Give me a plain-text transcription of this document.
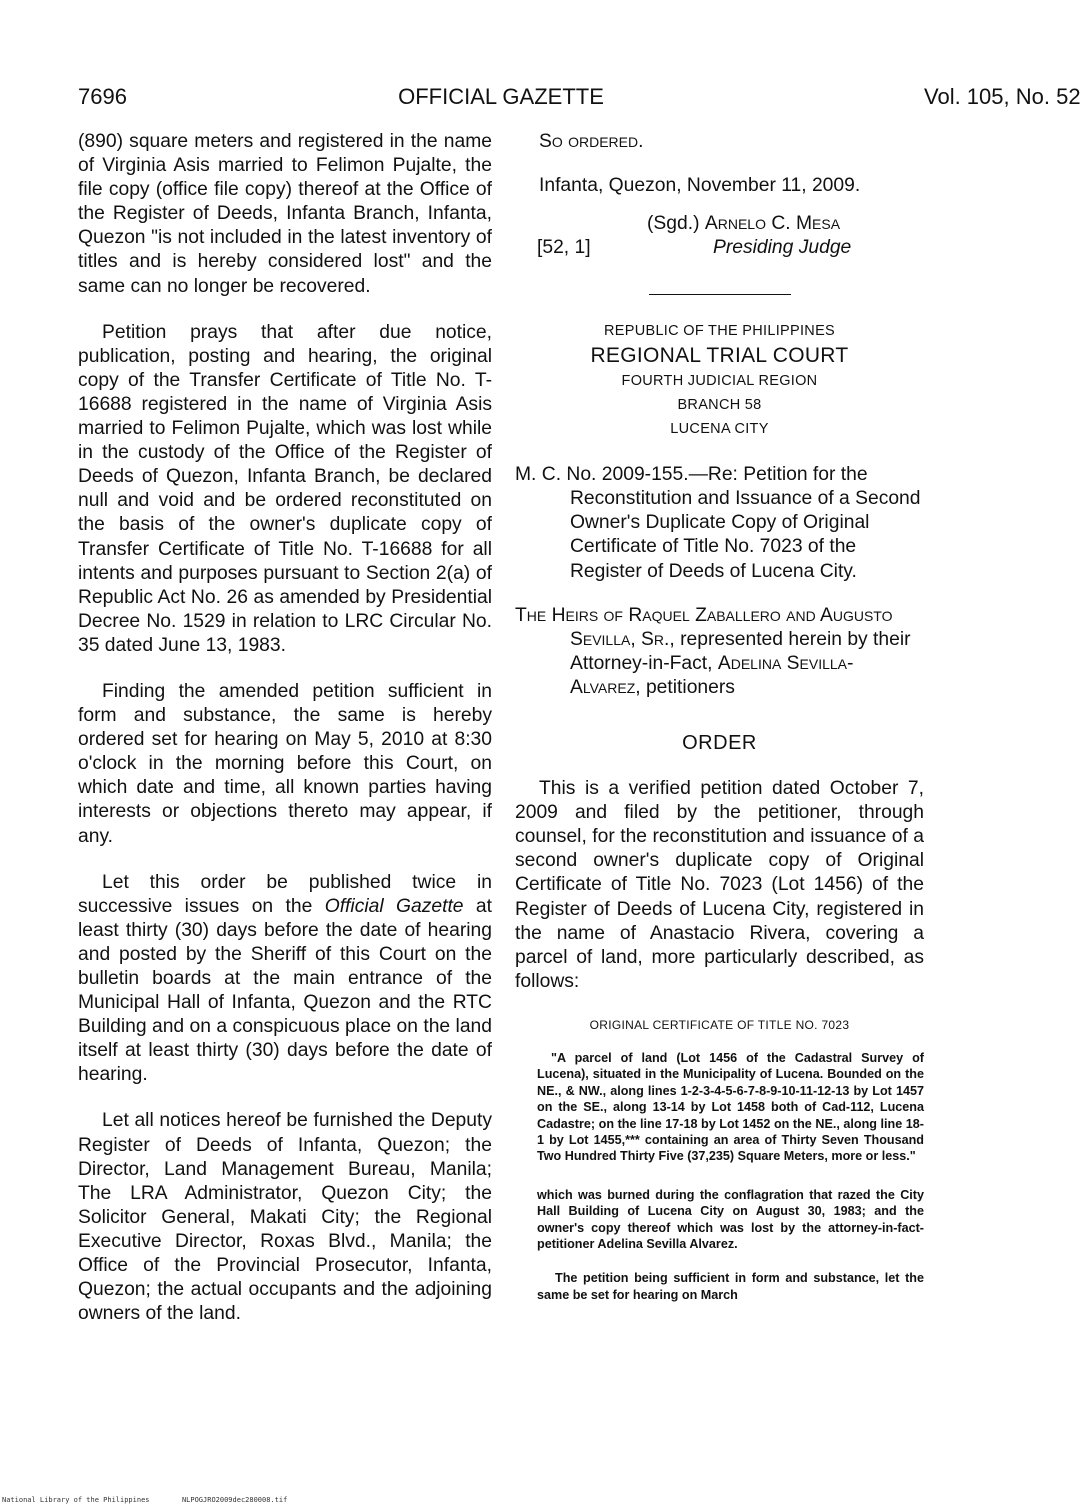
7696	OFFICIAL GAZETTE	Vol. 105, No. 52

(890) square meters and registered in the name of Virginia Asis married to Felimon Pujalte, the file copy (office file copy) thereof at the Office of the Register of Deeds, Infanta Branch, Infanta, Quezon "is not included in the latest inventory of titles and is hereby considered lost" and the same can no longer be recovered.

Petition prays that after due notice, publication, posting and hearing, the original copy of the Transfer Certificate of Title No. T-16688 registered in the name of Virginia Asis married to Felimon Pujalte, which was lost while in the custody of the Office of the Register of Deeds of Quezon, Infanta Branch, be declared null and void and be ordered reconstituted on the basis of the owner's duplicate copy of Transfer Certificate of Title No. T-16688 for all intents and purposes pursuant to Section 2(a) of Republic Act No. 26 as amended by Presidential Decree No. 1529 in relation to LRC Circular No. 35 dated June 13, 1983.

Finding the amended petition sufficient in form and substance, the same is hereby ordered set for hearing on May 5, 2010 at 8:30 o'clock in the morning before this Court, on which date and time, all known parties having interests or objections thereto may appear, if any.

Let this order be published twice in successive issues on the Official Gazette at least thirty (30) days before the date of hearing and posted by the Sheriff of this Court on the bulletin boards at the main entrance of the Municipal Hall of Infanta, Quezon and the RTC Building and on a conspicuous place on the land itself at least thirty (30) days before the date of hearing.

Let all notices hereof be furnished the Deputy Register of Deeds of Infanta, Quezon; the Director, Land Management Bureau, Manila; The LRA Administrator, Quezon City; the Solicitor General, Makati City; the Regional Executive Director, Roxas Blvd., Manila; the Office of the Provincial Prosecutor, Infanta, Quezon; the actual occupants and the adjoining owners of the land.

So ordered.

Infanta, Quezon, November 11, 2009.

(Sgd.) Arnelo C. Mesa
[52, 1]	Presiding Judge
REPUBLIC OF THE PHILIPPINES
REGIONAL TRIAL COURT
FOURTH JUDICIAL REGION
BRANCH 58
LUCENA CITY

M. C. No. 2009-155.—Re: Petition for the Reconstitution and Issuance of a Second Owner's Duplicate Copy of Original Certificate of Title No. 7023 of the Register of Deeds of Lucena City.

The Heirs of Raquel Zaballero and Augusto Sevilla, Sr., represented herein by their Attorney-in-Fact, Adelina Sevilla-Alvarez, petitioners

ORDER

This is a verified petition dated October 7, 2009 and filed by the petitioner, through counsel, for the reconstitution and issuance of a second owner's duplicate copy of Original Certificate of Title No. 7023 (Lot 1456) of the Register of Deeds of Lucena City, registered in the name of Anastacio Rivera, covering a parcel of land, more particularly described, as follows:

ORIGINAL CERTIFICATE OF TITLE NO. 7023

"A parcel of land (Lot 1456 of the Cadastral Survey of Lucena), situated in the Municipality of Lucena. Bounded on the NE., & NW., along lines 1-2-3-4-5-6-7-8-9-10-11-12-13 by Lot 1457 on the SE., along 13-14 by Lot 1458 both of Cad-112, Lucena Cadastre; on the line 17-18 by Lot 1452 on the NE., along line 18-1 by Lot 1455,*** containing an area of Thirty Seven Thousand Two Hundred Thirty Five (37,235) Square Meters, more or less."

which was burned during the conflagration that razed the City Hall Building of Lucena City on August 30, 1983; and the owner's copy thereof which was lost by the attorney-in-fact-petitioner Adelina Sevilla Alvarez.

The petition being sufficient in form and substance, let the same be set for hearing on March

National Library of the Philippines	NLPOGJRO2009dec280008.tif
